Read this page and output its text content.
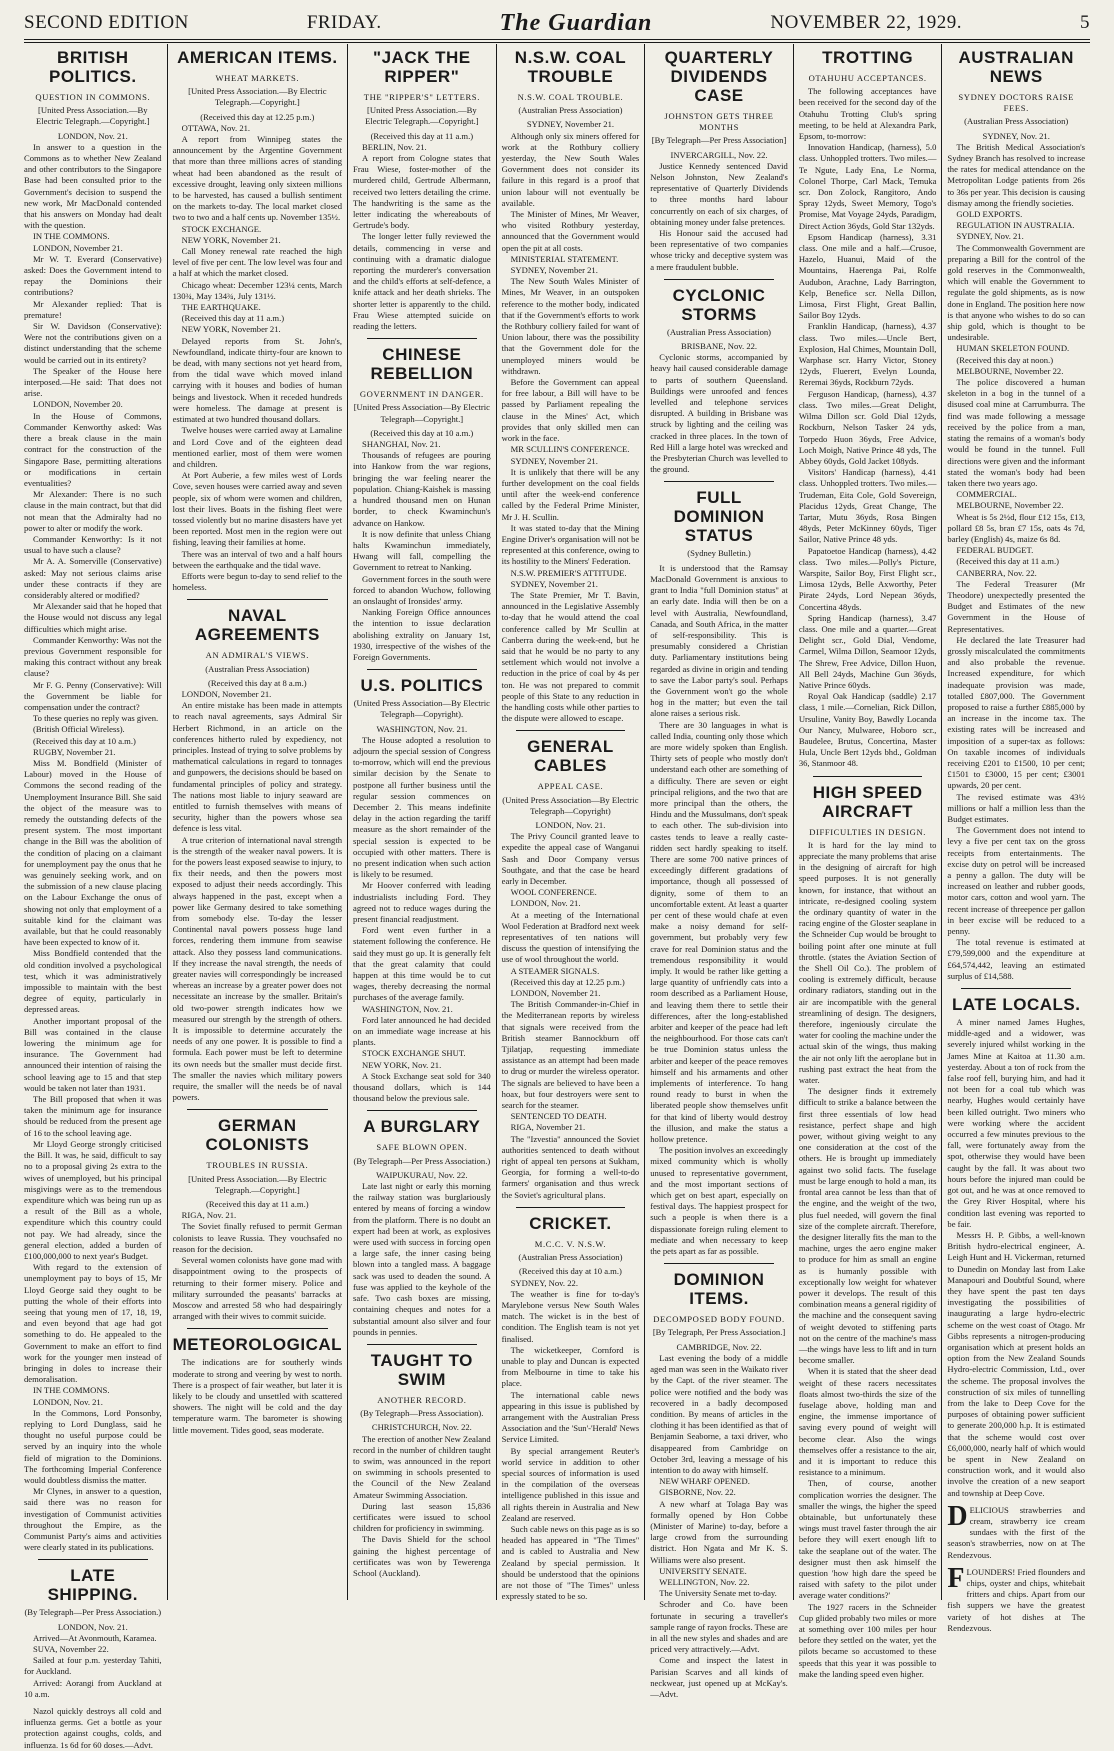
SECOND EDITION	FRIDAY.	The Guardian	NOVEMBER 22, 1929.	5
BRITISH POLITICS.
QUESTION IN COMMONS.
[United Press Association.—By Electric Telegraph.—Copyright.]
LONDON, Nov. 21.

In answer to a question in the Commons as to whether New Zealand and other contributors to the Singapore Base had been consulted prior to the Government's decision to suspend the new work, Mr MacDonald contended that his answers on Monday had dealt with the question.

IN THE COMMONS.

LONDON, November 21.

Mr W. T. Everard (Conservative) asked: Does the Government intend to repay the Dominions their contributions?

Mr Alexander replied: That is premature!

Sir W. Davidson (Conservative): Were not the contributions given on a distinct understanding that the scheme would be carried out in its entirety?

The Speaker of the House here interposed.—He said: That does not arise.

LONDON, November 20.

In the House of Commons, Commander Kenworthy asked: Was there a break clause in the main contract for the construction of the Singapore Base, permitting alterations or modifications in certain eventualities?

Mr Alexander: There is no such clause in the main contract, but that did not mean that the Admiralty had no power to alter or modify the work.

Commander Kenworthy: Is it not usual to have such a clause?

Mr A. A. Somerville (Conservative) asked: May not serious claims arise under these contracts if they are considerably altered or modified?

Mr Alexander said that he hoped that the House would not discuss any legal difficulties which might arise.

Commander Kenworthy: Was not the previous Government responsible for making this contract without any break clause?

Mr F. G. Penny (Conservative): Will the Government be liable for compensation under the contract?

To these queries no reply was given.

(British Official Wireless).

(Received this day at 10 a.m.)

RUGBY, November 21.

Miss M. Bondfield (Minister of Labour) moved in the House of Commons the second reading of the Unemployment Insurance Bill. She said the object of the measure was to remedy the outstanding defects of the present system. The most important change in the Bill was the abolition of the condition of placing on a claimant for unemployment pay the onus that he was genuinely seeking work, and on the submission of a new clause placing on the Labour Exchange the onus of showing not only that employment of a suitable kind for the claimant was available, but that he could reasonably have been expected to know of it.

Miss Bondfield contended that the old condition involved a psychological test, which it was administratively impossible to maintain with the best degree of equity, particularly in depressed areas.

Another important proposal of the Bill was contained in the clause lowering the minimum age for insurance. The Government had announced their intention of raising the school leaving age to 15 and that step would be taken not later than 1931.

The Bill proposed that when it was taken the minimum age for insurance should be reduced from the present age of 16 to the school leaving age.

Mr Lloyd George strongly criticised the Bill. It was, he said, difficult to say no to a proposal giving 2s extra to the wives of unemployed, but his principal misgivings were as to the tremendous expenditure which was being run up as a result of the Bill as a whole, expenditure which this country could not pay. We had already, since the general election, added a burden of £100,000,000 to next year's Budget.

With regard to the extension of unemployment pay to boys of 15, Mr Lloyd George said they ought to be putting the whole of their efforts into seeing that young men of 17, 18, 19, and even beyond that age had got something to do. He appealed to the Government to make an effort to find work for the younger men instead of bringing in doles to increase their demoralisation.

IN THE COMMONS.

LONDON, Nov. 21.

In the Commons, Lord Ponsonby, replying to Lord Dunglass, said he thought no useful purpose could be served by an inquiry into the whole field of migration to the Dominions. The forthcoming Imperial Conference would doubtless dismiss the matter.

Mr Clynes, in answer to a question, said there was no reason for investigation of Communist activities throughout the Empire, as the Communist Party's aims and activities were clearly stated in its publications.

LATE SHIPPING.
(By Telegraph—Per Press Association.)
LONDON, Nov. 21.

Arrived—At Avonmouth, Karamea.

SUVA, November 22.

Sailed at four p.m. yesterday Tahiti, for Auckland.

Arrived: Aorangi from Auckland at 10 a.m.

Nazol quickly destroys all cold and influenza germs. Get a bottle as your protection against coughs, colds, and influenza. 1s 6d for 60 doses.—Advt.

AMERICAN ITEMS.
WHEAT MARKETS.
[United Press Association.—By Electric Telegraph.—Copyright.]
(Received this day at 12.25 p.m.)

OTTAWA, Nov. 21.

A report from Winnipeg states the announcement by the Argentine Government that more than three millions acres of standing wheat had been abandoned as the result of excessive drought, leaving only sixteen millions to be harvested, has caused a bullish sentiment on the markets to-day. The local market closed two to two and a half cents up. November 135½.

STOCK EXCHANGE.

NEW YORK, November 21.

Call Money renewal rate reached the high level of five per cent. The low level was four and a half at which the market closed.

Chicago wheat: December 123¼ cents, March 130¾, May 134¾, July 131½.

THE EARTHQUAKE.

(Received this day at 11 a.m.)

NEW YORK, November 21.

Delayed reports from St. John's, Newfoundland, indicate thirty-four are known to be dead, with many sections not yet heard from, from the tidal wave which moved inland carrying with it houses and bodies of human beings and livestock. When it receded hundreds were homeless. The damage at present is estimated at two hundred thousand dollars.

Twelve houses were carried away at Lamaline and Lord Cove and of the eighteen dead mentioned earlier, most of them were women and children.

At Port Auberie, a few miles west of Lords Cove, seven houses were carried away and seven people, six of whom were women and children, lost their lives. Boats in the fishing fleet were tossed violently but no marine disasters have yet been reported. Most men in the region were out fishing, leaving their families at home.

There was an interval of two and a half hours between the earthquake and the tidal wave.

Efforts were begun to-day to send relief to the homeless.

NAVAL AGREEMENTS
AN ADMIRAL'S VIEWS.
(Australian Press Association)
(Received this day at 8 a.m.)

LONDON, November 21.

An entire mistake has been made in attempts to reach naval agreements, says Admiral Sir Herbert Richmond, in an article on the conferences hitherto ruled by expediency, not principles. Instead of trying to solve problems by mathematical calculations in regard to tonnages and gunpowers, the decisions should be based on fundamental principles of policy and strategy. The nations most liable to injury seaward are entitled to furnish themselves with means of security, higher than the powers whose sea defence is less vital.

A true criterion of international naval strength is the strength of the weaker naval powers. It is for the powers least exposed seawise to injury, to fix their needs, and then the powers most exposed to adjust their needs accordingly. This always happened in the past, except when a power like Germany desired to take something from somebody else. To-day the lesser Continental naval powers possess huge land forces, rendering them immune from seawise attack. Also they possess land communications. If they increase the naval strength, the needs of greater navies will correspondingly be increased whereas an increase by a greater power does not necessitate an increase by the smaller. Britain's old two-power strength indicates how we measured our strength by the strength of others. It is impossible to determine accurately the needs of any one power. It is possible to find a formula. Each power must be left to determine its own needs but the smaller must decide first. The smaller the navies which military powers require, the smaller will the needs be of naval powers.

GERMAN COLONISTS
TROUBLES IN RUSSIA.
[United Press Association.—By Electric Telegraph.—Copyright.]
(Received this day at 11 a.m.)

RIGA, Nov. 21.

The Soviet finally refused to permit German colonists to leave Russia. They vouchsafed no reason for the decision.

Several women colonists have gone mad with disappointment owing to the prospects of returning to their former misery. Police and military surrounded the peasants' barracks at Moscow and arrested 58 who had despairingly arranged with their wives to commit suicide.

METEOROLOGICAL

The indications are for southerly winds moderate to strong and veering by west to north. There is a prospect of fair weather, but later it is likely to be cloudy and unsettled with scattered showers. The night will be cold and the day temperature warm. The barometer is showing little movement. Tides good, seas moderate.

"JACK THE RIPPER"
THE "RIPPER'S" LETTERS.
[United Press Association.—By Electric Telegraph.—Copyright.]
(Received this day at 11 a.m.)

BERLIN, Nov. 21.

A report from Cologne states that Frau Wiese, foster-mother of the murdered child, Gertrude Albermann, received two letters detailing the crime. The handwriting is the same as the letter indicating the whereabouts of Gertrude's body.

The longer letter fully reviewed the details, commencing in verse and continuing with a dramatic dialogue reporting the murderer's conversation and the child's efforts at self-defence, a knife attack and her death shrieks. The shorter letter is apparently to the child. Frau Wiese attempted suicide on reading the letters.

CHINESE REBELLION
GOVERNMENT IN DANGER.
[United Press Association—By Electric Telegraph—Copyright.]
(Received this day at 10 a.m.)

SHANGHAI, Nov. 21.

Thousands of refugees are pouring into Hankow from the war regions, bringing the war feeling nearer the population. Chiang-Kaishek is massing a hundred thousand men on Hunan border, to check Kwaminchun's advance on Hankow.

It is now definite that unless Chiang halts Kwaminchun immediately, Hwang will fall, compelling the Government to retreat to Nanking.

Government forces in the south were forced to abandon Wuchow, following an onslaught of Ironsides' army.

Nanking Foreign Office announces the intention to issue declaration abolishing extrality on January 1st, 1930, irrespective of the wishes of the Foreign Governments.

U.S. POLITICS
(United Press Association—By Electric Telegraph—Copyright).
WASHINGTON, Nov. 21.

The House adopted a resolution to adjourn the special session of Congress to-morrow, which will end the previous similar decision by the Senate to postpone all further business until the regular session commences on December 2. This means indefinite delay in the action regarding the tariff measure as the short remainder of the special session is expected to be occupied with other matters. There is no present indication when such action is likely to be resumed.

Mr Hoover conferred with leading industrialists including Ford. They agreed not to reduce wages during the present financial readjustment.

Ford went even further in a statement following the conference. He said they must go up. It is generally felt that the great calamity that could happen at this time would be to cut wages, thereby decreasing the normal purchases of the average family.

WASHINGTON, Nov. 21.

Ford later announced he had decided on an immediate wage increase at his plants.

STOCK EXCHANGE SHUT.

NEW YORK, Nov. 21.

A Stock Exchange seat sold for 340 thousand dollars, which is 144 thousand below the previous sale.

A BURGLARY
SAFE BLOWN OPEN.
(By Telegraph—Per Press Association.)
WAIPUKURAU, Nov. 22.

Late last night or early this morning the railway station was burglariously entered by means of forcing a window from the platform. There is no doubt an expert had been at work, as explosives were used with success in forcing open a large safe, the inner casing being blown into a tangled mass. A baggage sack was used to deaden the sound. A fuse was applied to the keyhole of the safe. Two cash boxes are missing, containing cheques and notes for a substantial amount also silver and four pounds in pennies.

TAUGHT TO SWIM
ANOTHER RECORD.
(By Telegraph—Press Association).
CHRISTCHURCH, Nov. 22.

The erection of another New Zealand record in the number of children taught to swim, was announced in the report on swimming in schools presented to the Council of the New Zealand Amateur Swimming Association.

During last season 15,836 certificates were issued to school children for proficiency in swimming.

The Davis Shield for the school gaining the highest percentage of certificates was won by Tewerenga School (Auckland).

N.S.W. COAL TROUBLE
N.S.W. COAL TROUBLE.
(Australian Press Association)
SYDNEY, November 21.

Although only six miners offered for work at the Rothbury colliery yesterday, the New South Wales Government does not consider its failure in this regard is a proof that union labour will not eventually be available.

The Minister of Mines, Mr Weaver, who visited Rothbury yesterday, announced that the Government would open the pit at all costs.

MINISTERIAL STATEMENT.

SYDNEY, November 21.

The New South Wales Minister of Mines, Mr Weaver, in an outspoken reference to the mother body, indicated that if the Government's efforts to work the Rothbury colliery failed for want of Union labour, there was the possibility that the Government dole for the unemployed miners would be withdrawn.

Before the Government can appeal for free labour, a Bill will have to be passed by Parliament repealing the clause in the Mines' Act, which provides that only skilled men can work in the face.

MR SCULLIN'S CONFERENCE.

SYDNEY, November 21.

It is unlikely that there will be any further development on the coal fields until after the week-end conference called by the Federal Prime Minister, Mr J. H. Scullin.

It was stated to-day that the Mining Engine Driver's organisation will not be represented at this conference, owing to its hostility to the Miners' Federation.

N.S.W. PREMIER'S ATTITUDE.

SYDNEY, November 21.

The State Premier, Mr T. Bavin, announced in the Legislative Assembly to-day that he would attend the coal conference called by Mr Scullin at Canberra during the week-end, but he said that he would be no party to any settlement which would not involve a reduction in the price of coal by 4s per ton. He was not prepared to commit people of this State to any reduction in the handling costs while other parties to the dispute were allowed to escape.

GENERAL CABLES
APPEAL CASE.
(United Press Association—By Electric Telegraph—Copyright)
LONDON, Nov. 21.

The Privy Council granted leave to expedite the appeal case of Wanganui Sash and Door Company versus Southgate, and that the case be heard early in December.

WOOL CONFERENCE.

LONDON, Nov. 21.

At a meeting of the International Wool Federation at Bradford next week representatives of ten nations will discuss the question of intensifying the use of wool throughout the world.

A STEAMER SIGNALS.

(Received this day at 12.25 p.m.)

LONDON, November 21.

The British Commander-in-Chief in the Mediterranean reports by wireless that signals were received from the British steamer Bannockburn off Tjilatjap, requesting immediate assistance as an attempt had been made to drug or murder the wireless operator. The signals are believed to have been a hoax, but four destroyers were sent to search for the steamer.

SENTENCED TO DEATH.

RIGA, November 21.

The "Izvestia" announced the Soviet authorities sentenced to death without right of appeal ten persons at Sukham, Georgia, for forming a well-to-do farmers' organisation and thus wreck the Soviet's agricultural plans.

CRICKET.
M.C.C. V. N.S.W.
(Australian Press Association)
(Received this day at 10 a.m.)

SYDNEY, Nov. 22.

The weather is fine for to-day's Marylebone versus New South Wales match. The wicket is in the best of condition. The English team is not yet finalised.

The wicketkeeper, Cornford is unable to play and Duncan is expected from Melbourne in time to take his place.

The international cable news appearing in this issue is published by arrangement with the Australian Press Association and the 'Sun'-'Herald' News Service Limited.

By special arrangement Reuter's world service in addition to other special sources of information is used in the compilation of the overseas intelligence published in this issue and all rights therein in Australia and New Zealand are reserved.

Such cable news on this page as is so headed has appeared in "The Times" and is cabled to Australia and New Zealand by special permission. It should be understood that the opinions are not those of "The Times" unless expressly stated to be so.

QUARTERLY DIVIDENDS CASE
JOHNSTON GETS THREE MONTHS
[By Telegraph—Per Press Association]
INVERCARGILL, Nov. 22.

Justice Kennedy sentenced David Nelson Johnston, New Zealand's representative of Quarterly Dividends to three months hard labour concurrently on each of six charges, of obtaining money under false pretences.

His Honour said the accused had been representative of two companies whose tricky and deceptive system was a mere fraudulent bubble.

CYCLONIC STORMS
(Australian Press Association)
BRISBANE, Nov. 22.

Cyclonic storms, accompanied by heavy hail caused considerable damage to parts of southern Queensland. Buildings were unroofed and fences levelled and telephone services disrupted. A building in Brisbane was struck by lighting and the ceiling was cracked in three places. In the town of Red Hill a large hotel was wrecked and the Presbyterian Church was levelled to the ground.

FULL DOMINION STATUS
(Sydney Bulletin.)

It is understood that the Ramsay MacDonald Government is anxious to grant to India "full Dominion status" at an early date. India will then be on a level with Australia, Newfoundland, Canada, and South Africa, in the matter of self-responsibility. This is presumably considered a Christian duty. Parliamentary institutions being regarded as divine in origin and tending to save the Labor party's soul. Perhaps the Government won't go the whole hog in the matter; but even the tail alone raises a serious risk.

There are 30 languages in what is called India, counting only those which are more widely spoken than English. Thirty sets of people who mostly don't understand each other are something of a difficulty. There are seven or eight principal religions, and the two that are more principal than the others, the Hindu and the Mussulmans, don't speak to each other. The sub-division into castes tends to leave a really caste-ridden sect hardly speaking to itself. There are some 700 native princes of exceedingly different gradations of importance, though all possessed of dignity, some of them to an uncomfortable extent. At least a quarter per cent of these would chafe at even make a noisy demand for self-government, but probably very few crave for real Dominion status and the tremendous responsibility it would imply. It would be rather like getting a large quantity of unfriendly cats into a room described as a Parliament House, and leaving them there to settle their differences, after the long-established arbiter and keeper of the peace had left the neighbourhood. For those cats can't be true Dominion status unless the arbiter and keeper of the peace removes himself and his armaments and other implements of interference. To hang round ready to burst in when the liberated people show themselves unfit for that kind of liberty would destroy the illusion, and make the status a hollow pretence.

The position involves an exceedingly mixed community which is wholly unused to representative government, and the most important sections of which get on best apart, especially on festival days. The happiest prospect for such a people is when there is a dispassionate foreign ruling element to mediate and when necessary to keep the pets apart as far as possible.

DOMINION ITEMS.
DECOMPOSED BODY FOUND.
[By Telegraph, Per Press Association.]
CAMBRIDGE, Nov. 22.

Last evening the body of a middle aged man was seen in the Waikato river by the Capt. of the river steamer. The police were notified and the body was recovered in a badly decomposed condition. By means of articles in the clothing it has been identified as that of Benjamin Seaborne, a taxi driver, who disappeared from Cambridge on October 3rd, leaving a message of his intention to do away with himself.

NEW WHARF OPENED.

GISBORNE, Nov. 22.

A new wharf at Tolaga Bay was formally opened by Hon Cobbe (Minister of Marine) to-day, before a large crowd from the surrounding district. Hon Ngata and Mr K. S. Williams were also present.

UNIVERSITY SENATE.

WELLINGTON, Nov. 22.

The University Senate met to-day.

Schroder and Co. have been fortunate in securing a traveller's sample range of rayon frocks. These are in all the new styles and shades and are priced very attractively.—Advt.

Come and inspect the latest in Parisian Scarves and all kinds of neckwear, just opened up at McKay's.—Advt.

TROTTING
OTAHUHU ACCEPTANCES.

The following acceptances have been received for the second day of the Otahuhu Trotting Club's spring meeting, to be held at Alexandra Park, Epsom, to-morrow:

Innovation Handicap, (harness), 5.0 class. Unhoppled trotters. Two miles.—Te Ngute, Lady Ena, Le Norma, Colonel Thorpe, Carl Mack, Temuka scr. Don Zolock, Rangitoro, Ando Spray 12yds, Sweet Memory, Togo's Promise, Mat Voyage 24yds, Paradigm, Direct Action 36yds, Gold Star 132yds.

Epsom Handicap (harness), 3.31 class. One mile and a half.—Crusoe, Hazelo, Huanui, Maid of the Mountains, Haerenga Pai, Rolfe Audubon, Arachne, Lady Barrington, Kelp, Benefice scr. Nella Dillon, Limosa, First Flight, Great Ballin, Sailor Boy 12yds.

Franklin Handicap, (harness), 4.37 class. Two miles.—Uncle Bert, Explosion, Hal Chimes, Mountain Doll, Warphase scr. Harry Victor, Stoney 12yds, Fluerert, Evelyn Lounda, Reremai 36yds, Rockburn 72yds.

Ferguson Handicap, (harness), 4.37 class. Two miles.—Great Delight, Wilma Dillon scr. Gold Dial 12yds, Rockburn, Nelson Tasker 24 yds, Torpedo Huon 36yds, Free Advice, Loch Moigh, Native Prince 48 yds, The Abbey 60yds, Gold Jacket 108yds.

Visitors' Handicap (harness), 4.41 class. Unhoppled trotters. Two miles.—Trudeman, Eita Cole, Gold Sovereign, Placidus 12yds, Great Change, The Tartar, Mutu 36yds, Rosa Bingen 48yds, Peter McKinney 60yds, Tiger Sailor, Native Prince 48 yds.

Papatoetoe Handicap (harness), 4.42 class. Two miles.—Polly's Picture, Warspite, Sailor Boy, First Flight scr., Limosa 12yds, Belle Axworthy, Peter Pirate 24yds, Lord Nepean 36yds, Concertina 48yds.

Spring Handicap (harness), 3.47 class. One mile and a quarter.—Great Delight scr., Gold Dial, Vendome, Carmel, Wilma Dillon, Seamoor 12yds, The Shrew, Free Advice, Dillon Huon, All Bell 24yds, Machine Gun 36yds, Native Prince 60yds.

Royal Oak Handicap (saddle) 2.17 class, 1 mile.—Cornelian, Rick Dillon, Ursuline, Vanity Boy, Bawdly Locanda Our Nancy, Mulwaree, Hoboro scr., Baudelee, Brutus, Concertina, Master Hula, Uncle Bert 12yds bhd., Goldman 36, Stanmoor 48.

HIGH SPEED AIRCRAFT
DIFFICULTIES IN DESIGN.

It is hard for the lay mind to appreciate the many problems that arise in the designing of aircraft for high speed purposes. It is not generally known, for instance, that without an intricate, re-designed cooling system the ordinary quantity of water in the racing engine of the Gloster seaplane in the Schneider Cup would be brought to boiling point after one minute at full throttle. (states the Aviation Section of the Shell Oil Co.). The problem of cooling is extremely difficult, because ordinary radiators, standing out in the air are incompatible with the general streamlining of design. The designers, therefore, ingeniously circulate the water for cooling the machine under the actual skin of the wings, thus making the air not only lift the aeroplane but in rushing past extract the heat from the water.

The designer finds it extremely difficult to strike a balance between the first three essentials of low head resistance, perfect shape and high power, without giving weight to any one consideration at the cost of the others. He is brought up immediately against two solid facts. The fuselage must be large enough to hold a man, its frontal area cannot be less than that of the engine, and the weight of the two, plus fuel needed, will govern the final size of the complete aircraft. Therefore, the designer literally fits the man to the machine, urges the aero engine maker to produce for him as small an engine as is humanly possible with exceptionally low weight for whatever power it develops. The result of this combination means a general rigidity of the machine and the consequent saving of weight devoted to stiffening parts not on the centre of the machine's mass—the wings have less to lift and in turn become smaller.

When it is stated that the sheer dead weight of these racers necessitates floats almost two-thirds the size of the fuselage above, holding man and engine, the immense importance of saving every pound of weight will become clear. Also the wings themselves offer a resistance to the air, and it is important to reduce this resistance to a minimum.

Then, of course, another complication worries the designer. The smaller the wings, the higher the speed obtainable, but unfortunately these wings must travel faster through the air before they will exert enough lift to take the seaplane out of the water. The designer must then ask himself the question 'how high dare the speed be raised with safety to the pilot under average water conditions?'

The 1927 racers in the Schneider Cup glided probably two miles or more at something over 100 miles per hour before they settled on the water, yet the pilots became so accustomed to these speeds that this year it was possible to make the landing speed even higher.

AUSTRALIAN NEWS
SYDNEY DOCTORS RAISE FEES.
(Australian Press Association)
SYDNEY, Nov. 21.

The British Medical Association's Sydney Branch has resolved to increase the rates for medical attendance on the Metropolitan Lodge patients from 26s to 36s per year. This decision is causing dismay among the friendly societies.

GOLD EXPORTS.

REGULATION IN AUSTRALIA.

SYDNEY, Nov. 21.

The Commonwealth Government are preparing a Bill for the control of the gold reserves in the Commonwealth, which will enable the Government to regulate the gold shipments, as is now done in England. The position here now is that anyone who wishes to do so can ship gold, which is thought to be undesirable.

HUMAN SKELETON FOUND.

(Received this day at noon.)

MELBOURNE, November 22.

The police discovered a human skeleton in a bog in the tunnel of a disused coal mine at Carrumburra. The find was made following a message received by the police from a man, stating the remains of a woman's body would be found in the tunnel. Full directions were given and the informant stated the woman's body had been taken there two years ago.

COMMERCIAL.

MELBOURNE, November 22.

Wheat is 5s 2½d, flour £12 15s, £13, pollard £8 5s, bran £7 15s, oats 4s 7d, barley (English) 4s, maize 6s 8d.

FEDERAL BUDGET.

(Received this day at 11 a.m.)

CANBERRA, Nov. 22.

The Federal Treasurer (Mr Theodore) unexpectedly presented the Budget and Estimates of the new Government in the House of Representatives.

He declared the late Treasurer had grossly miscalculated the commitments and also probable the revenue. Increased expenditure, for which inadequate provision was made, totalled £807,000. The Government proposed to raise a further £885,000 by an increase in the income tax. The existing rates will be increased and imposition of a super-tax as follows: On taxable incomes of individuals receiving £201 to £1500, 10 per cent; £1501 to £3000, 15 per cent; £3001 upwards, 20 per cent.

The revised estimate was 43½ millions or half a million less than the Budget estimates.

The Government does not intend to levy a five per cent tax on the gross receipts from entertainments. The excise duty on petrol will be increased a penny a gallon. The duty will be increased on leather and rubber goods, motor cars, cotton and wool yarn. The recent increase of threepence per gallon in beer excise will be reduced to a penny.

The total revenue is estimated at £79,599,000 and the expenditure at £64,574,442, leaving an estimated surplus of £14,588.

LATE LOCALS.

A miner named James Hughes, middle-aged and a widower, was severely injured whilst working in the James Mine at Kaitoa at 11.30 a.m. yesterday. About a ton of rock from the false roof fell, burying him, and had it not been for a coal tub which was nearby, Hughes would certainly have been killed outright. Two miners who were working where the accident occurred a few minutes previous to the fall, were fortunately away from the spot, otherwise they would have been caught by the fall. It was about two hours before the injured man could be got out, and he was at once removed to the Grey River Hospital, where his condition last evening was reported to be fair.

Messrs H. P. Gibbs, a well-known British hydro-electrical engineer, A. Leigh Hunt and H. Vickerman, returned to Dunedin on Monday last from Lake Manapouri and Doubtful Sound, where they have spent the past ten days investigating the possibilities of inaugurating a large hydro-electric scheme on the west coast of Otago. Mr Gibbs represents a nitrogen-producing organisation which at present holds an option from the New Zealand Sounds Hydro-electric Commission, Ltd., over the scheme. The proposal involves the construction of six miles of tunnelling from the lake to Deep Cove for the purposes of obtaining power sufficient to generate 200,000 h.p. It is estimated that the scheme would cost over £6,000,000, nearly half of which would be spent in New Zealand on construction work, and it would also involve the creation of a new seaport and township at Deep Cove.

DELICIOUS strawberries and cream, strawberry ice cream sundaes with the first of the season's strawberries, now on at The Rendezvous.

FLOUNDERS! Fried flounders and chips, oyster and chips, whitebait fritters and chips. Apart from our fish suppers we have the greatest variety of hot dishes at The Rendezvous.
